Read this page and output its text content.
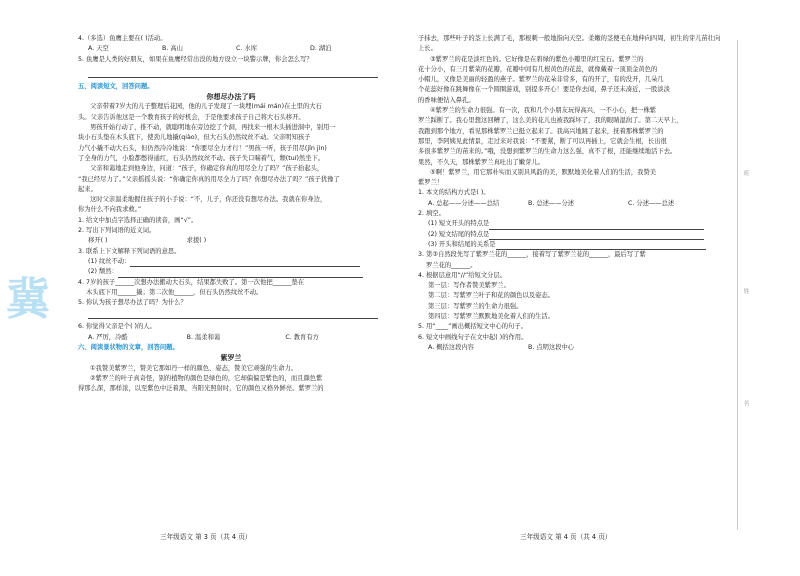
冀
4.（多选）鱼鹰主要在( )活动。
A. 天空	B. 高山	C. 水库	D. 湖泊
5. 鱼鹰是人类的好朋友，如果在鱼鹰经常出没的地方设立一块警示牌，你会怎么写？
五、阅读短文，回答问题。
你想尽办法了吗
父亲带着7岁大的儿子整理后花园，他的儿子发现了一块埋(mái mán)在土里的大石
头。父亲告诉他这是一个教育孩子的好机会，于是他要求孩子自己将大石头移开。
男孩开始行动了，推不动，就聪明地在旁边挖了个洞，再找来一根木头插进洞中，别用一
块小石头垫在木头底下，使劲儿地撬(qiào)，但大石头仍然纹丝不动。父亲明知孩子
力气小撬不动大石头，但仍然冷冷地说：“你要尽全力才行！”男孩一听，孩子用尽(jǐn jìn)
了全身的力气，小脸都憋得通红，石头仍然纹丝不动。孩子失口喘着气，颓(tuí)然坐下。
父亲和蔼地走到他身边，问道：“孩子，你确定你真的用尽全力了吗？”孩子抬起头，
“我已经尽力了。”父亲摇摇头说：“你确定你真的用尽全力了吗？你想尽办法了吗？”孩子犹豫了
起来。
这时父亲温柔地握住孩子的小手说：“不，儿子，你还没有想尽办法。我就在你身边，
你为什么不向我求救。”
1. 给文中加点字选择正确的读音，画“√”。
2. 写出下列词语的近义词。
移开( )	求援( )
3. 联系上下文解释下列词语的意思。
(1) 纹丝不动：
(2) 颓然：
4. 7岁的孩子______次想办法搬动大石头，结果都失败了。第一次他把______垫在
木头底下用______撬；第二次他______，但石头仍然纹丝不动。
5. 你认为孩子想尽办法了吗？为什么？
6. 你觉得父亲是个( )的人。
A. 严厉，冷酷	B. 温柔和蔼	C. 教育有方
六、阅读景状物的文章，回答问题。
紫罗兰
①我赞美紫罗兰，赞美它那如丹一样的颜色、姿态，赞美它顽强的生命力。
②紫罗兰的叶子真奇怪，别的植物的颜色是绿色的，它却偏偏是紫色的，而且颜色紫
得那么深，那样浓，以至紫色中泛着黑，当阳光照射时，它的颜色又格外鲜亮。紫罗兰的
三年级语文 第 3 页（共 4 页）
子抹去，那些叶子的茎上长满了毛，那根刺一般地指向天空。柔嫩的茎便毛在地伸向四周，初生的芽儿苗壮向
上长。
③紫罗兰的花是淡红色的。它好像是在碧绿的紫色小瓣里的红宝石。紫罗兰的
花十分小，有三月紫菜的花瓣，花瓣中间有几根黄色的花蕊，就像戴着一顶顶金黄色的
小帽儿，又像是美丽的轻盈的燕子。紫罗兰的花朵非常多，有的开了，有的没开，几朵几
个花蕊好像在跳舞像在一个圆圈游戏，别提多开心！要是你去闻，鼻子还未凑近，一股淡淡
的香味便钻入鼻孔。
④紫罗兰的生命力很强。有一次，我和几个小朋友玩得高兴，一不小心，把一株紫
罗兰踩断了。我心里想这回糟了，这么美的花儿也被我踩坏了，我的眼睛湿润了。第二天早上，
我跑到那个地方，看见那株紫罗兰已挺立起来了。我高兴地跳了起来，抚着那株紫罗兰的
那里，李阿姨见此情景，走过来对我说：“不要紧，断了可以再插上，它就会生根，长出很
多很多紫罗兰的苗来的。”哦，没想到紫罗兰的生命力这么强，真不了根，还能继续地活下去。
果然，不久天，那株紫罗兰真吐出了嫩芽儿。
⑤啊！紫罗兰，用它那朴实而又别具风韵的美，默默地美化着人们的生活，我赞美
紫罗兰！
1. 本文的结构方式是( )。
A. 总起——分述——总结	B. 总述——分述	C. 分述——总述
2. 填空。
(1) 短文开头的特点是
(2) 短文结尾的特点是
(3) 开头和结尾的关系是
3. 第③自然段先写了紫罗兰花的______，接着写了紫罗兰花的______，最后写了紫
罗兰花的______。
4. 根据层意用“//”给短文分层。
第一层：写作者赞美紫罗兰。
第二层：写紫罗兰叶子和花的颜色以及姿态。
第三层：写紫罗兰的生命力很强。
第四层：写紫罗兰默默地美化着人们的生活。
5. 用“____”画出概括短文中心的句子。
6. 短文中画线句子在文中起( )的作用。
A. 概括这段内容	B. 点明这段中心
三年级语文 第 4 页（共 4 页）
班
姓
名
